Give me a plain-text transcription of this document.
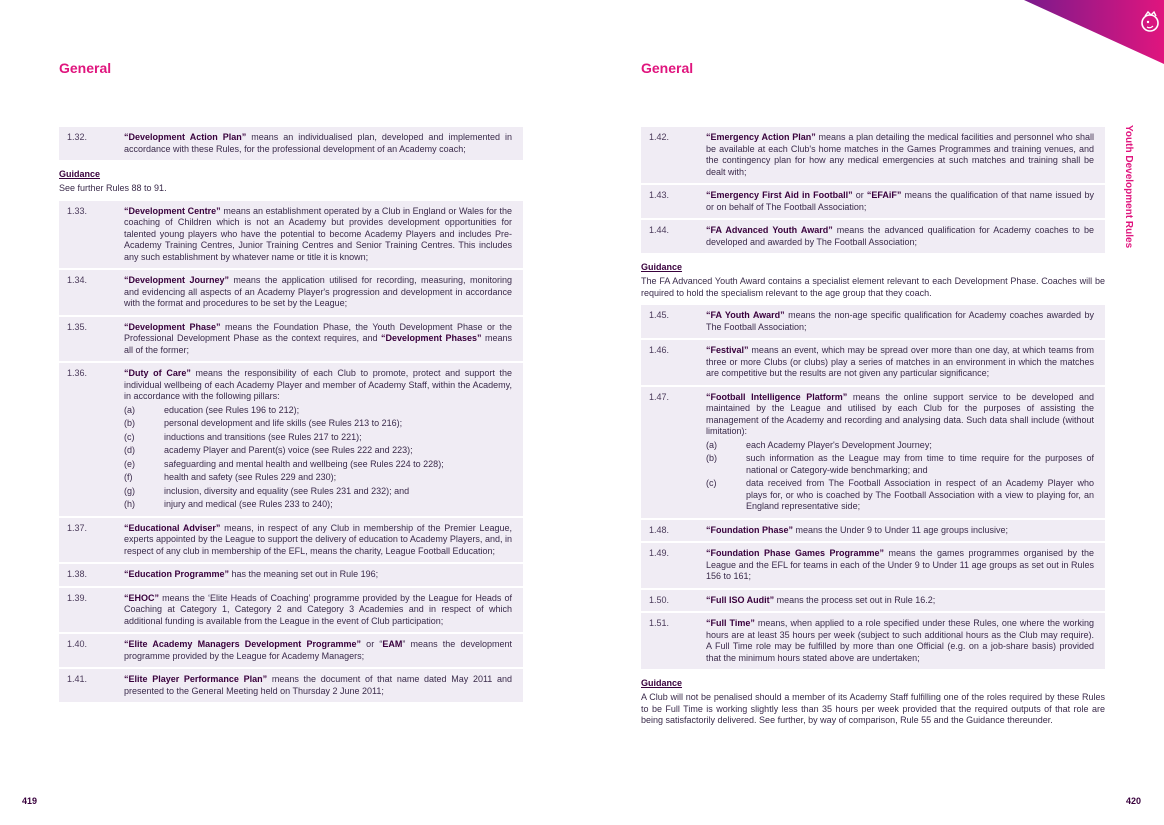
General
1.32.	“Development Action Plan” means an individualised plan, developed and implemented in accordance with these Rules, for the professional development of an Academy coach;
Guidance
See further Rules 88 to 91.
1.33.	“Development Centre” means an establishment operated by a Club in England or Wales for the coaching of Children which is not an Academy but provides development opportunities for talented young players who have the potential to become Academy Players and includes Pre-Academy Training Centres, Junior Training Centres and Senior Training Centres. This includes any such establishment by whatever name or title it is known;
1.34.	“Development Journey” means the application utilised for recording, measuring, monitoring and evidencing all aspects of an Academy Player's progression and development in accordance with the format and procedures to be set by the League;
1.35.	“Development Phase” means the Foundation Phase, the Youth Development Phase or the Professional Development Phase as the context requires, and “Development Phases” means all of the former;
1.36.	“Duty of Care” means the responsibility of each Club to promote, protect and support the individual wellbeing of each Academy Player and member of Academy Staff, within the Academy, in accordance with the following pillars:
(a)	education (see Rules 196 to 212);
(b)	personal development and life skills (see Rules 213 to 216);
(c)	inductions and transitions (see Rules 217 to 221);
(d)	academy Player and Parent(s) voice (see Rules 222 and 223);
(e)	safeguarding and mental health and wellbeing (see Rules 224 to 228);
(f)	health and safety (see Rules 229 and 230);
(g)	inclusion, diversity and equality (see Rules 231 and 232); and
(h)	injury and medical (see Rules 233 to 240);
1.37.	“Educational Adviser” means, in respect of any Club in membership of the Premier League, experts appointed by the League to support the delivery of education to Academy Players, and, in respect of any club in membership of the EFL, means the charity, League Football Education;
1.38.	“Education Programme” has the meaning set out in Rule 196;
1.39.	“EHOC” means the ‘Elite Heads of Coaching’ programme provided by the League for Heads of Coaching at Category 1, Category 2 and Category 3 Academies and in respect of which additional funding is available from the League in the event of Club participation;
1.40.	“Elite Academy Managers Development Programme” or “EAM” means the development programme provided by the League for Academy Managers;
1.41.	“Elite Player Performance Plan” means the document of that name dated May 2011 and presented to the General Meeting held on Thursday 2 June 2011;
419
General
1.42.	“Emergency Action Plan” means a plan detailing the medical facilities and personnel who shall be available at each Club's home matches in the Games Programmes and training venues, and the contingency plan for how any medical emergencies at such matches and training shall be dealt with;
1.43.	“Emergency First Aid in Football” or “EFAiF” means the qualification of that name issued by or on behalf of The Football Association;
1.44.	“FA Advanced Youth Award” means the advanced qualification for Academy coaches to be developed and awarded by The Football Association;
Guidance
The FA Advanced Youth Award contains a specialist element relevant to each Development Phase. Coaches will be required to hold the specialism relevant to the age group that they coach.
1.45.	“FA Youth Award” means the non-age specific qualification for Academy coaches awarded by The Football Association;
1.46.	“Festival” means an event, which may be spread over more than one day, at which teams from three or more Clubs (or clubs) play a series of matches in an environment in which the matches are competitive but the results are not given any particular significance;
1.47.	“Football Intelligence Platform” means the online support service to be developed and maintained by the League and utilised by each Club for the purposes of assisting the management of the Academy and recording and analysing data. Such data shall include (without limitation):
(a)	each Academy Player's Development Journey;
(b)	such information as the League may from time to time require for the purposes of national or Category-wide benchmarking; and
(c)	data received from The Football Association in respect of an Academy Player who plays for, or who is coached by The Football Association with a view to playing for, an England representative side;
1.48.	“Foundation Phase” means the Under 9 to Under 11 age groups inclusive;
1.49.	“Foundation Phase Games Programme” means the games programmes organised by the League and the EFL for teams in each of the Under 9 to Under 11 age groups as set out in Rules 156 to 161;
1.50.	“Full ISO Audit” means the process set out in Rule 16.2;
1.51.	“Full Time” means, when applied to a role specified under these Rules, one where the working hours are at least 35 hours per week (subject to such additional hours as the Club may require). A Full Time role may be fulfilled by more than one Official (e.g. on a job-share basis) provided that the minimum hours stated above are undertaken;
Guidance
A Club will not be penalised should a member of its Academy Staff fulfilling one of the roles required by these Rules to be Full Time is working slightly less than 35 hours per week provided that the required outputs of that role are being satisfactorily delivered. See further, by way of comparison, Rule 55 and the Guidance thereunder.
420
Youth Development Rules
